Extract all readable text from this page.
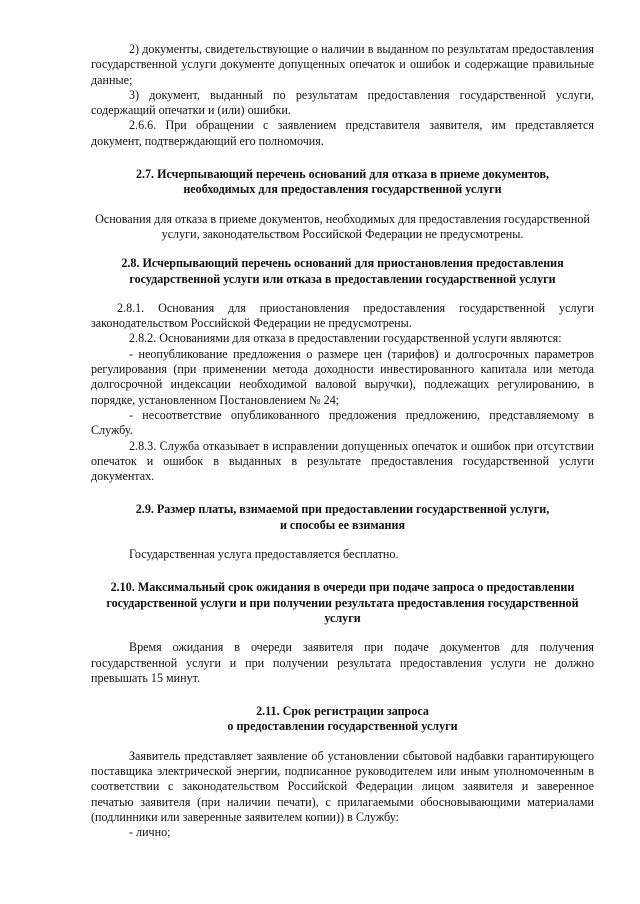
2) документы, свидетельствующие о наличии в выданном по результатам предоставления государственной услуги документе допущенных опечаток и ошибок и содержащие правильные данные;

3) документ, выданный по результатам предоставления государственной услуги, содержащий опечатки и (или) ошибки.

2.6.6. При обращении с заявлением представителя заявителя, им представляется документ, подтверждающий его полномочия.

2.7. Исчерпывающий перечень оснований для отказа в приеме документов, необходимых для предоставления государственной услуги

Основания для отказа в приеме документов, необходимых для предоставления государственной услуги, законодательством Российской Федерации не предусмотрены.

2.8. Исчерпывающий перечень оснований для приостановления предоставления государственной услуги или отказа в предоставлении государственной услуги

2.8.1. Основания для приостановления предоставления государственной услуги законодательством Российской Федерации не предусмотрены.

2.8.2. Основаниями для отказа в предоставлении государственной услуги являются:

- неопубликование предложения о размере цен (тарифов) и долгосрочных параметров регулирования (при применении метода доходности инвестированного капитала или метода долгосрочной индексации необходимой валовой выручки), подлежащих регулированию, в порядке, установленном Постановлением № 24;

- несоответствие опубликованного предложения предложению, представляемому в Службу.

2.8.3. Служба отказывает в исправлении допущенных опечаток и ошибок при отсутствии опечаток и ошибок в выданных в результате предоставления государственной услуги документах.

2.9. Размер платы, взимаемой при предоставлении государственной услуги, и способы ее взимания

Государственная услуга предоставляется бесплатно.

2.10. Максимальный срок ожидания в очереди при подаче запроса о предоставлении государственной услуги и при получении результата предоставления государственной услуги

Время ожидания в очереди заявителя при подаче документов для получения государственной услуги и при получении результата предоставления услуги не должно превышать 15 минут.

2.11. Срок регистрации запроса

о предоставлении государственной услуги

Заявитель представляет заявление об установлении сбытовой надбавки гарантирующего поставщика электрической энергии, подписанное руководителем или иным уполномоченным в соответствии с законодательством Российской Федерации лицом заявителя и заверенное печатью заявителя (при наличии печати), с прилагаемыми обосновывающими материалами (подлинники или заверенные заявителем копии)) в Службу:

- лично;
